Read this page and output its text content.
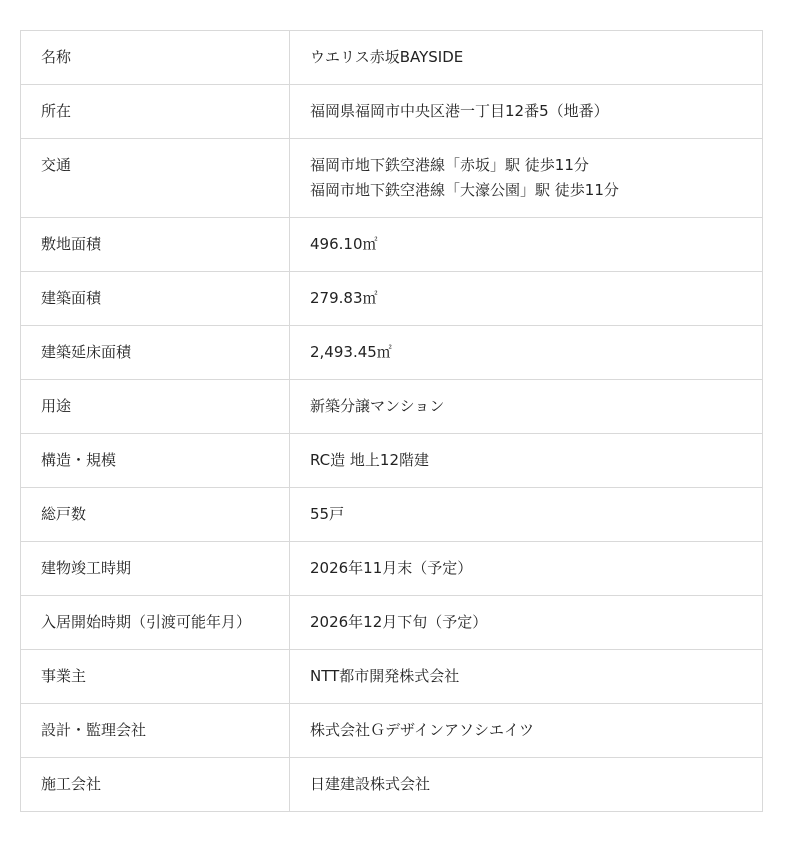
名称	ウエリス赤坂BAYSIDE

所在	福岡県福岡市中央区港一丁目12番5（地番）

交通	福岡市地下鉄空港線「赤坂」駅 徒歩11分
福岡市地下鉄空港線「大濠公園」駅 徒歩11分

敷地面積	496.10㎡

建築面積	279.83㎡

建築延床面積	2,493.45㎡

用途	新築分譲マンション

構造・規模	RC造 地上12階建

総戸数	55戸

建物竣工時期	2026年11月末（予定）

入居開始時期（引渡可能年月）	2026年12月下旬（予定）

事業主	NTT都市開発株式会社

設計・監理会社	株式会社Ｇデザインアソシエイツ

施工会社	日建建設株式会社
